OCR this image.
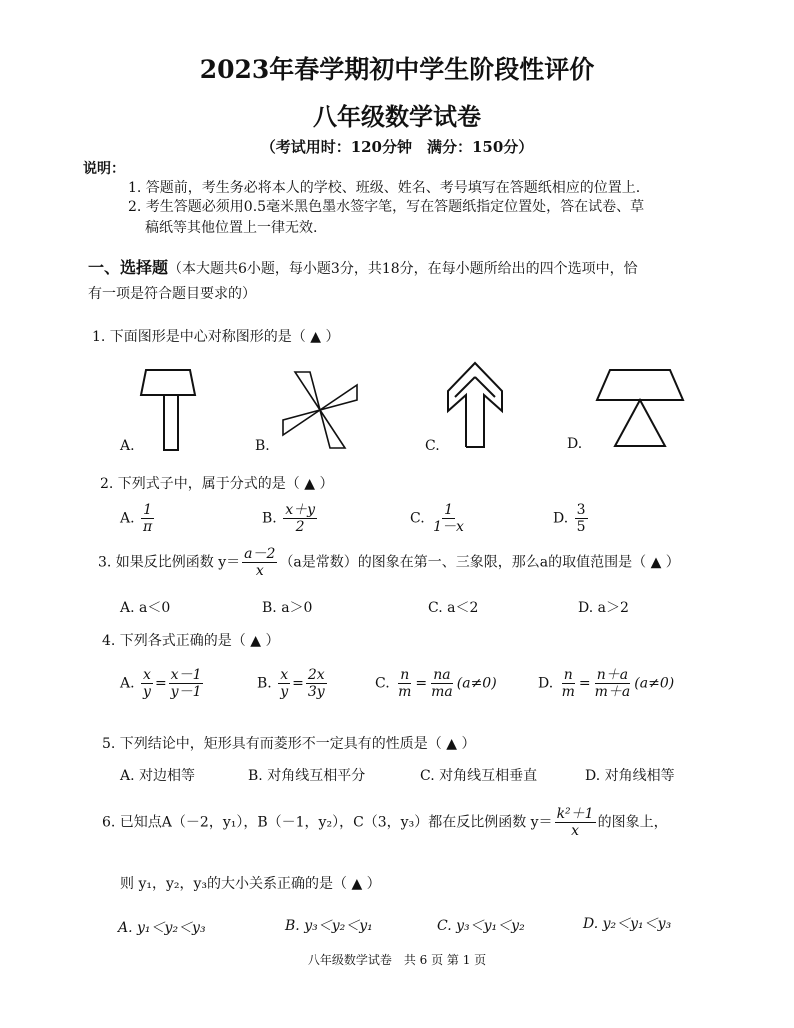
2023年春学期初中学生阶段性评价
八年级数学试卷
（考试用时：120分钟　满分：150分）
说明：
1. 答题前，考生务必将本人的学校、班级、姓名、考号填写在答题纸相应的位置上.
2. 考生答题必须用0.5毫米黑色墨水签字笔，写在答题纸指定位置处，答在试卷、草
稿纸等其他位置上一律无效.
一、选择题（本大题共6小题，每小题3分，共18分，在每小题所给出的四个选项中，恰
有一项是符合题目要求的）
1. 下面图形是中心对称图形的是（ ▲ ）
A.	B.	C.	D.
2. 下列式子中，属于分式的是（ ▲ ）
A. $\frac{1}{\pi}$	B. $\frac{x+y}{2}$	C. $\frac{1}{1-x}$	D. $\frac{3}{5}$
3. 如果反比例函数 $y= \frac{a-2}{x} (a$是常数）的图象在第一、三象限，那么a的取值范围是（ ▲ ）
A. a＜0	B. a＞0	C. a＜2	D. a＞2
4. 下列各式正确的是（ ▲ ）
A. $\frac{x}{y} = \frac{x-1}{y-1}$	B. $\frac{x}{y} = \frac{2x}{3y}$	C. $\frac{n}{m} = \frac{na}{ma} (a\ne 0)$	D. $\frac{n}{m} = \frac{n+a}{m+a} (a\ne 0)$
5. 下列结论中，矩形具有而菱形不一定具有的性质是（ ▲ ）
A. 对边相等	B. 对角线互相平分	C. 对角线互相垂直	D. 对角线相等
6. 已知点A（－2，y₁），B（－1，y₂），C（3，y₃）都在反比例函数 $y= \frac{\text{k²＋1}}{x}$ 的图象上，
则 y₁，y₂，y₃的大小关系正确的是（ ▲ ）
A. y₁＜y₂＜y₃	B. y₃＜y₂＜y₁	C. y₃＜y₁＜y₂	D. y₂＜y₁＜y₃
八年级数学试卷　共 6 页 第 1 页
